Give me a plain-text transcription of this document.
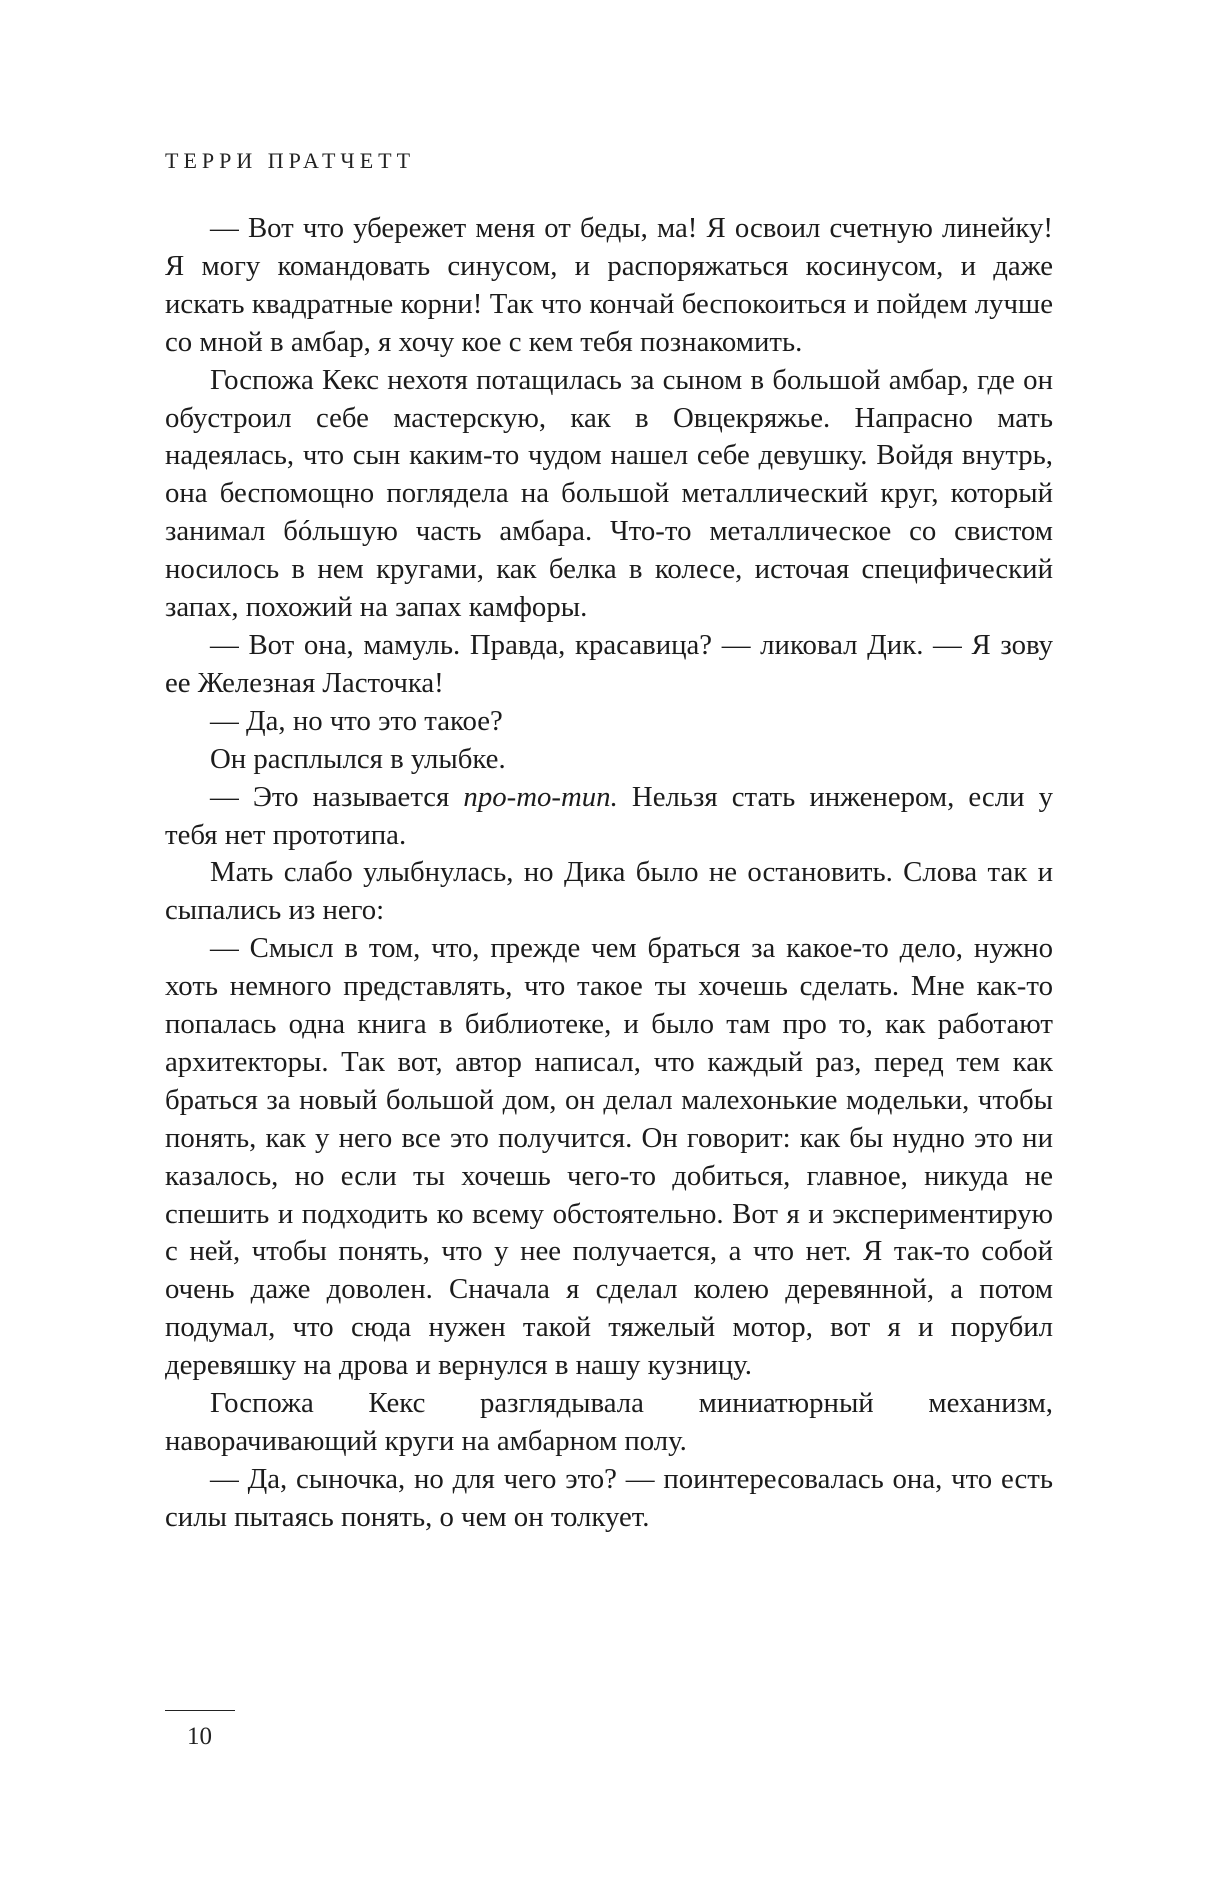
ТЕРРИ ПРАТЧЕТТ

— Вот что убережет меня от беды, ма! Я освоил счетную линейку! Я могу командовать синусом, и распоряжаться косинусом, и даже искать квадратные корни! Так что кончай беспокоиться и пойдем лучше со мной в амбар, я хочу кое с кем тебя познакомить.

Госпожа Кекс нехотя потащилась за сыном в большой амбар, где он обустроил себе мастерскую, как в Овцекряжье. Напрасно мать надеялась, что сын каким-то чудом нашел себе девушку. Войдя внутрь, она беспомощно поглядела на большой металлический круг, который занимал бóльшую часть амбара. Что-то металлическое со свистом носилось в нем кругами, как белка в колесе, источая специфический запах, похожий на запах камфоры.

— Вот она, мамуль. Правда, красавица? — ликовал Дик. — Я зову ее Железная Ласточка!

— Да, но что это такое?

Он расплылся в улыбке.

— Это называется про-то-тип. Нельзя стать инженером, если у тебя нет прототипа.

Мать слабо улыбнулась, но Дика было не остановить. Слова так и сыпались из него:

— Смысл в том, что, прежде чем браться за какое-то дело, нужно хоть немного представлять, что такое ты хочешь сделать. Мне как-то попалась одна книга в библиотеке, и было там про то, как работают архитекторы. Так вот, автор написал, что каждый раз, перед тем как браться за новый большой дом, он делал малехонькие модельки, чтобы понять, как у него все это получится. Он говорит: как бы нудно это ни казалось, но если ты хочешь чего-то добиться, главное, никуда не спешить и подходить ко всему обстоятельно. Вот я и экспериментирую с ней, чтобы понять, что у нее получается, а что нет. Я так-то собой очень даже доволен. Сначала я сделал колею деревянной, а потом подумал, что сюда нужен такой тяжелый мотор, вот я и порубил деревяшку на дрова и вернулся в нашу кузницу.

Госпожа Кекс разглядывала миниатюрный механизм, наворачивающий круги на амбарном полу.

— Да, сыночка, но для чего это? — поинтересовалась она, что есть силы пытаясь понять, о чем он толкует.

10
